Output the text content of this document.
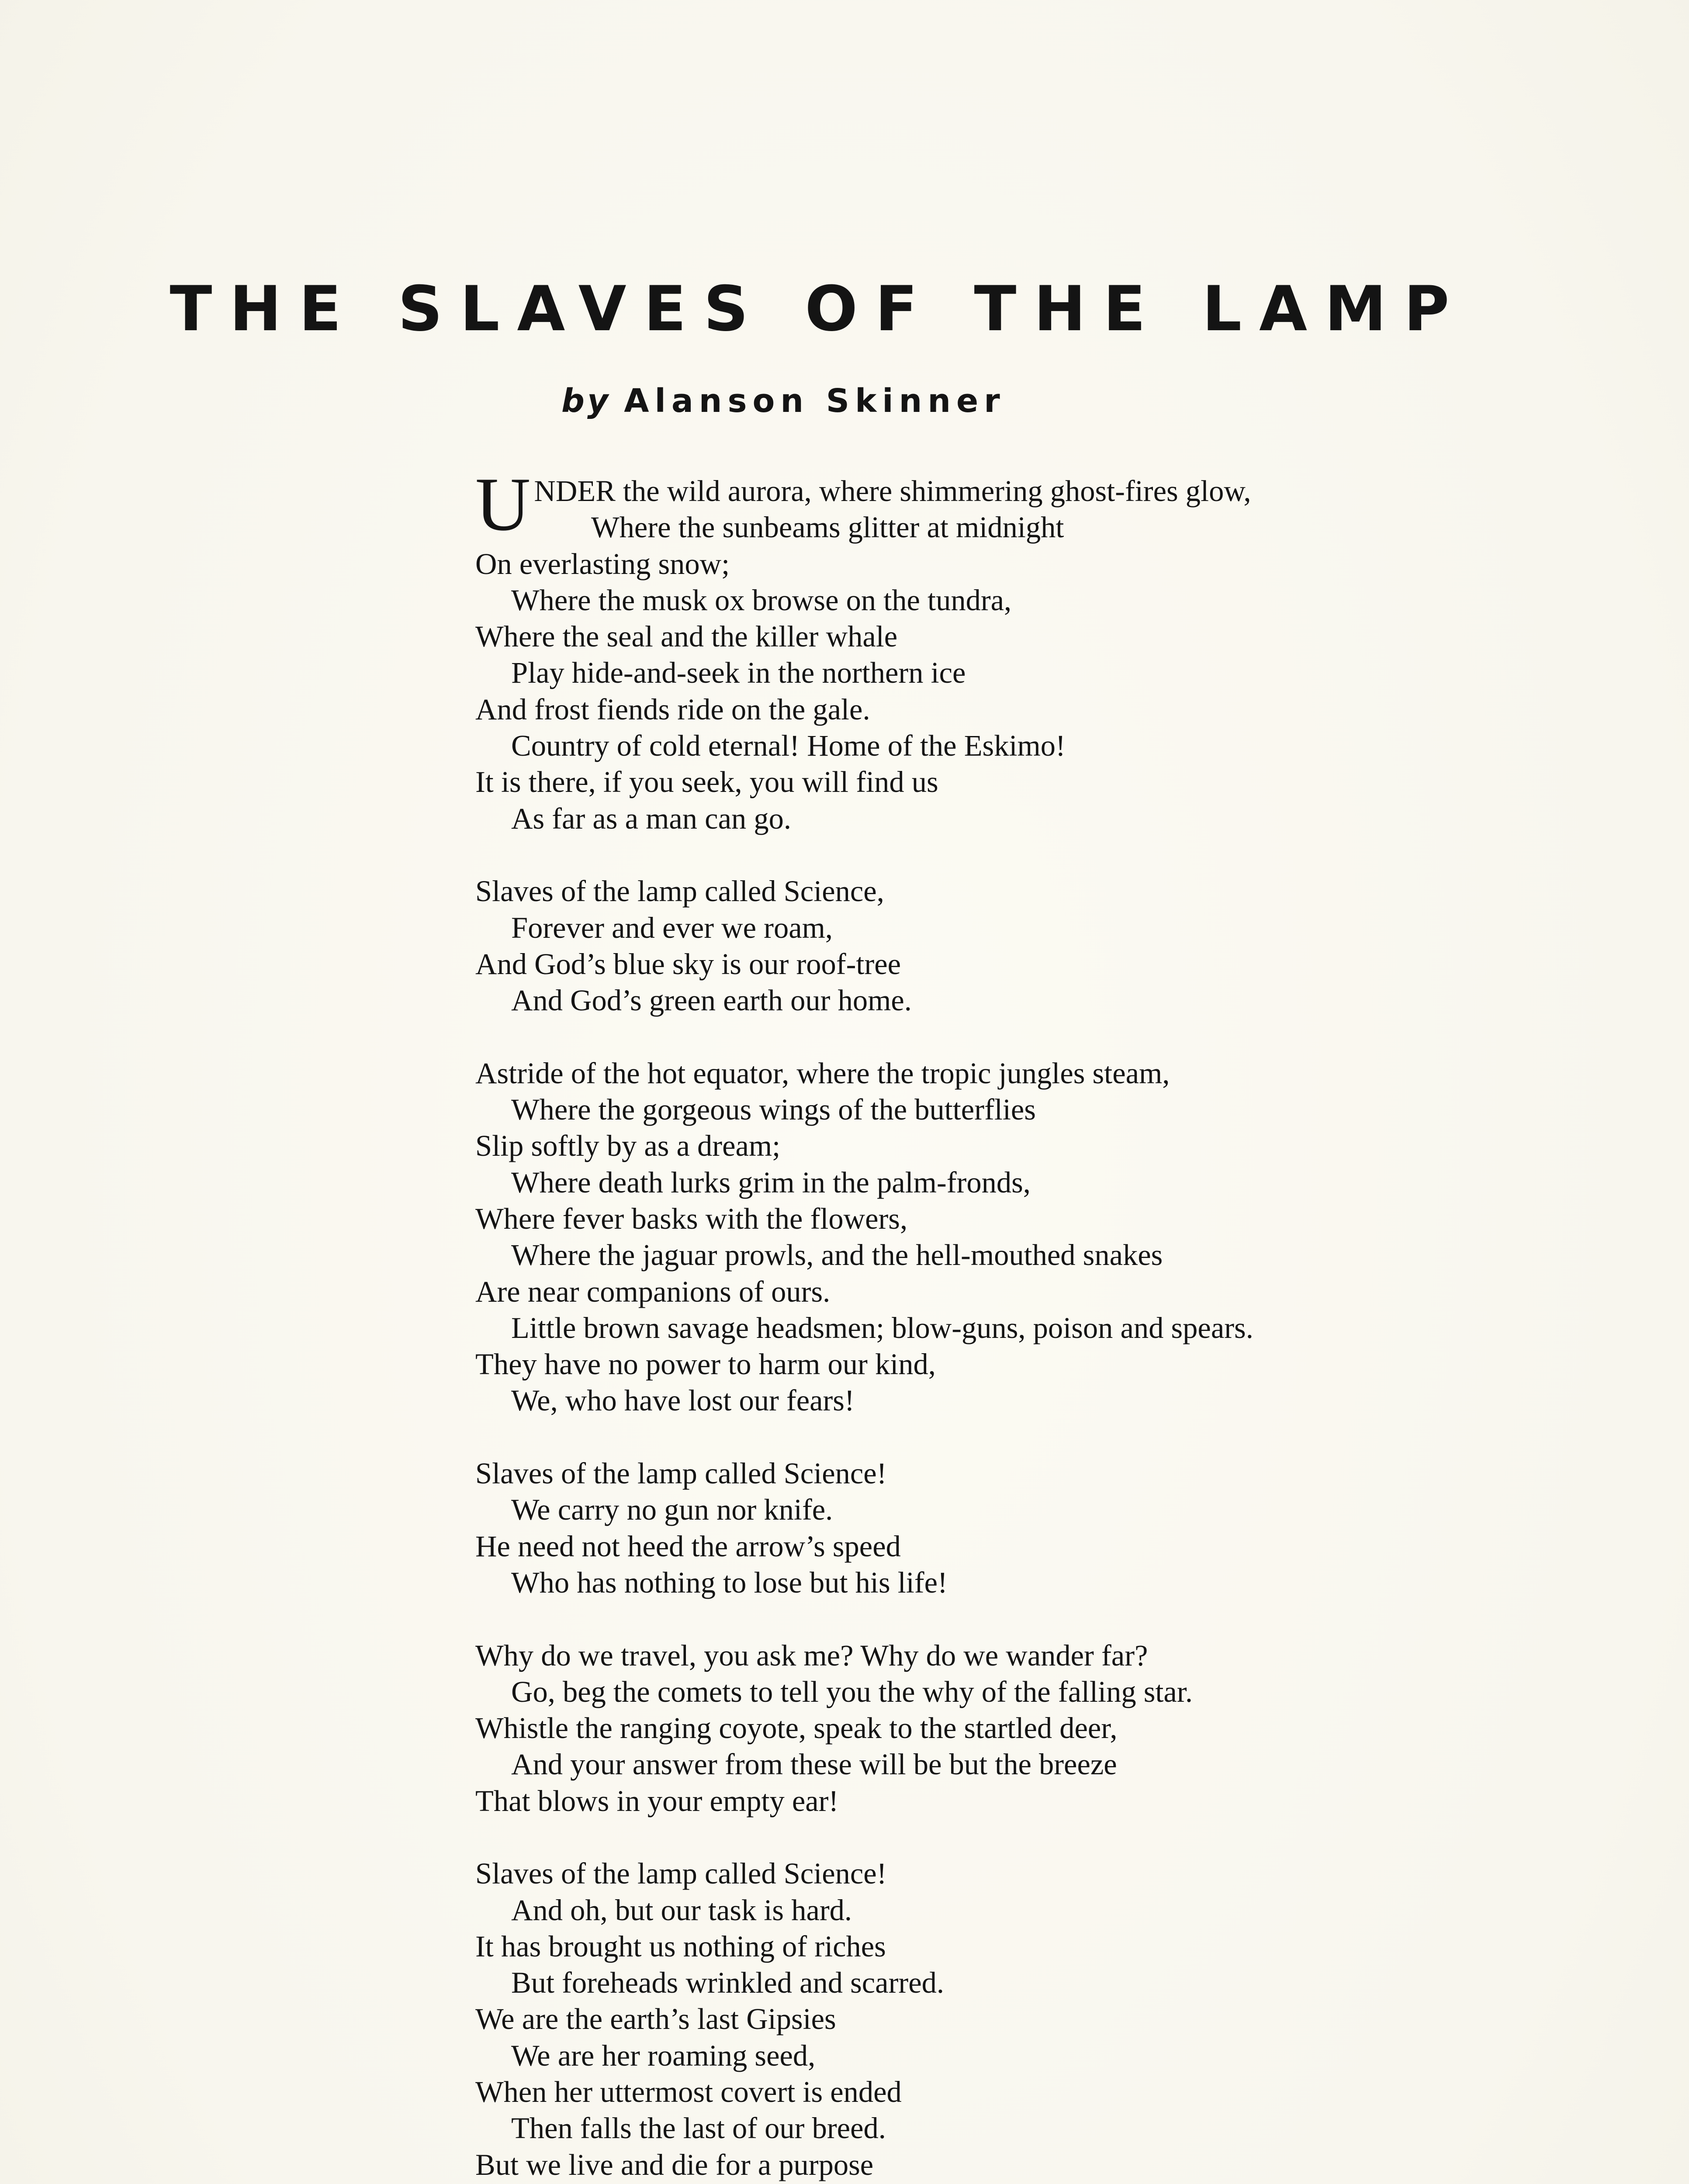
THE SLAVES OF THE LAMP
by Alanson Skinner
UNDER the wild aurora, where shimmering ghost-fires glow,
Where the sunbeams glitter at midnight
On everlasting snow;
Where the musk ox browse on the tundra,
Where the seal and the killer whale
Play hide-and-seek in the northern ice
And frost fiends ride on the gale.
Country of cold eternal! Home of the Eskimo!
It is there, if you seek, you will find us
As far as a man can go.
Slaves of the lamp called Science,
Forever and ever we roam,
And God’s blue sky is our roof-tree
And God’s green earth our home.
Astride of the hot equator, where the tropic jungles steam,
Where the gorgeous wings of the butterflies
Slip softly by as a dream;
Where death lurks grim in the palm-fronds,
Where fever basks with the flowers,
Where the jaguar prowls, and the hell-mouthed snakes
Are near companions of ours.
Little brown savage headsmen; blow-guns, poison and spears.
They have no power to harm our kind,
We, who have lost our fears!
Slaves of the lamp called Science!
We carry no gun nor knife.
He need not heed the arrow’s speed
Who has nothing to lose but his life!
Why do we travel, you ask me? Why do we wander far?
Go, beg the comets to tell you the why of the falling star.
Whistle the ranging coyote, speak to the startled deer,
And your answer from these will be but the breeze
That blows in your empty ear!
Slaves of the lamp called Science!
And oh, but our task is hard.
It has brought us nothing of riches
But foreheads wrinkled and scarred.
We are the earth’s last Gipsies
We are her roaming seed,
When her uttermost covert is ended
Then falls the last of our breed.
But we live and die for a purpose
